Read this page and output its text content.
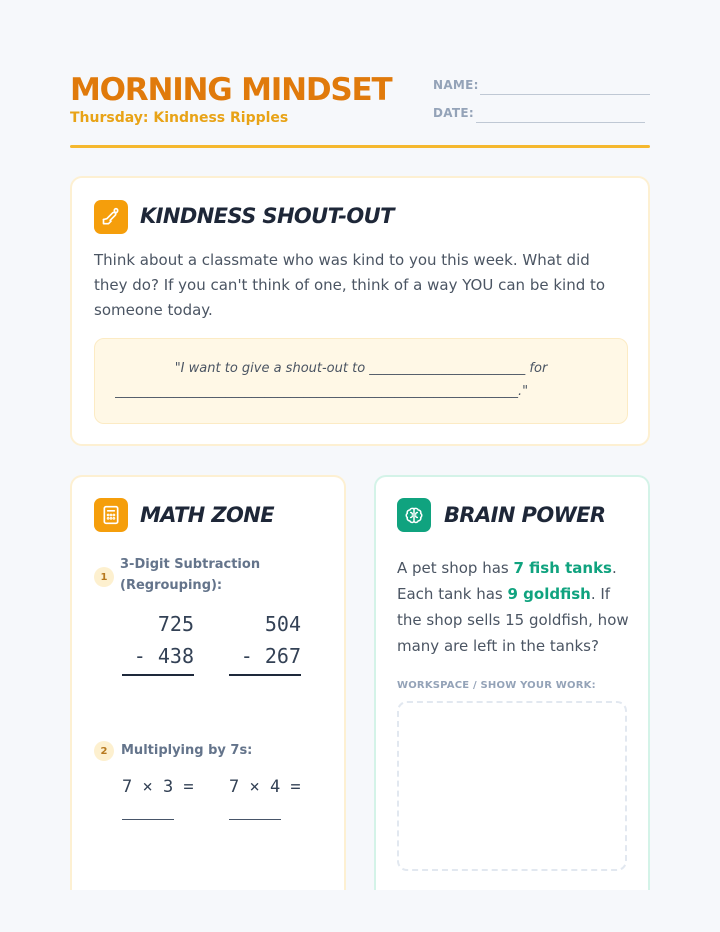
MORNING MINDSET
Thursday: Kindness Ripples
NAME:
DATE:
KINDNESS SHOUT-OUT
Think about a classmate who was kind to you this week. What did they do? If you can't think of one, think of a way YOU can be kind to someone today.
"I want to give a shout-out to ________________________ for
______________________________________________________________."
MATH ZONE
1
3-Digit Subtraction (Regrouping):
725
- 438
504
- 267
2	Multiplying by 7s:
7 × 3 = 7 × 4 =
BRAIN POWER
A pet shop has 7 fish tanks. Each tank has 9 goldfish. If the shop sells 15 goldfish, how many are left in the tanks?
WORKSPACE / SHOW YOUR WORK:
